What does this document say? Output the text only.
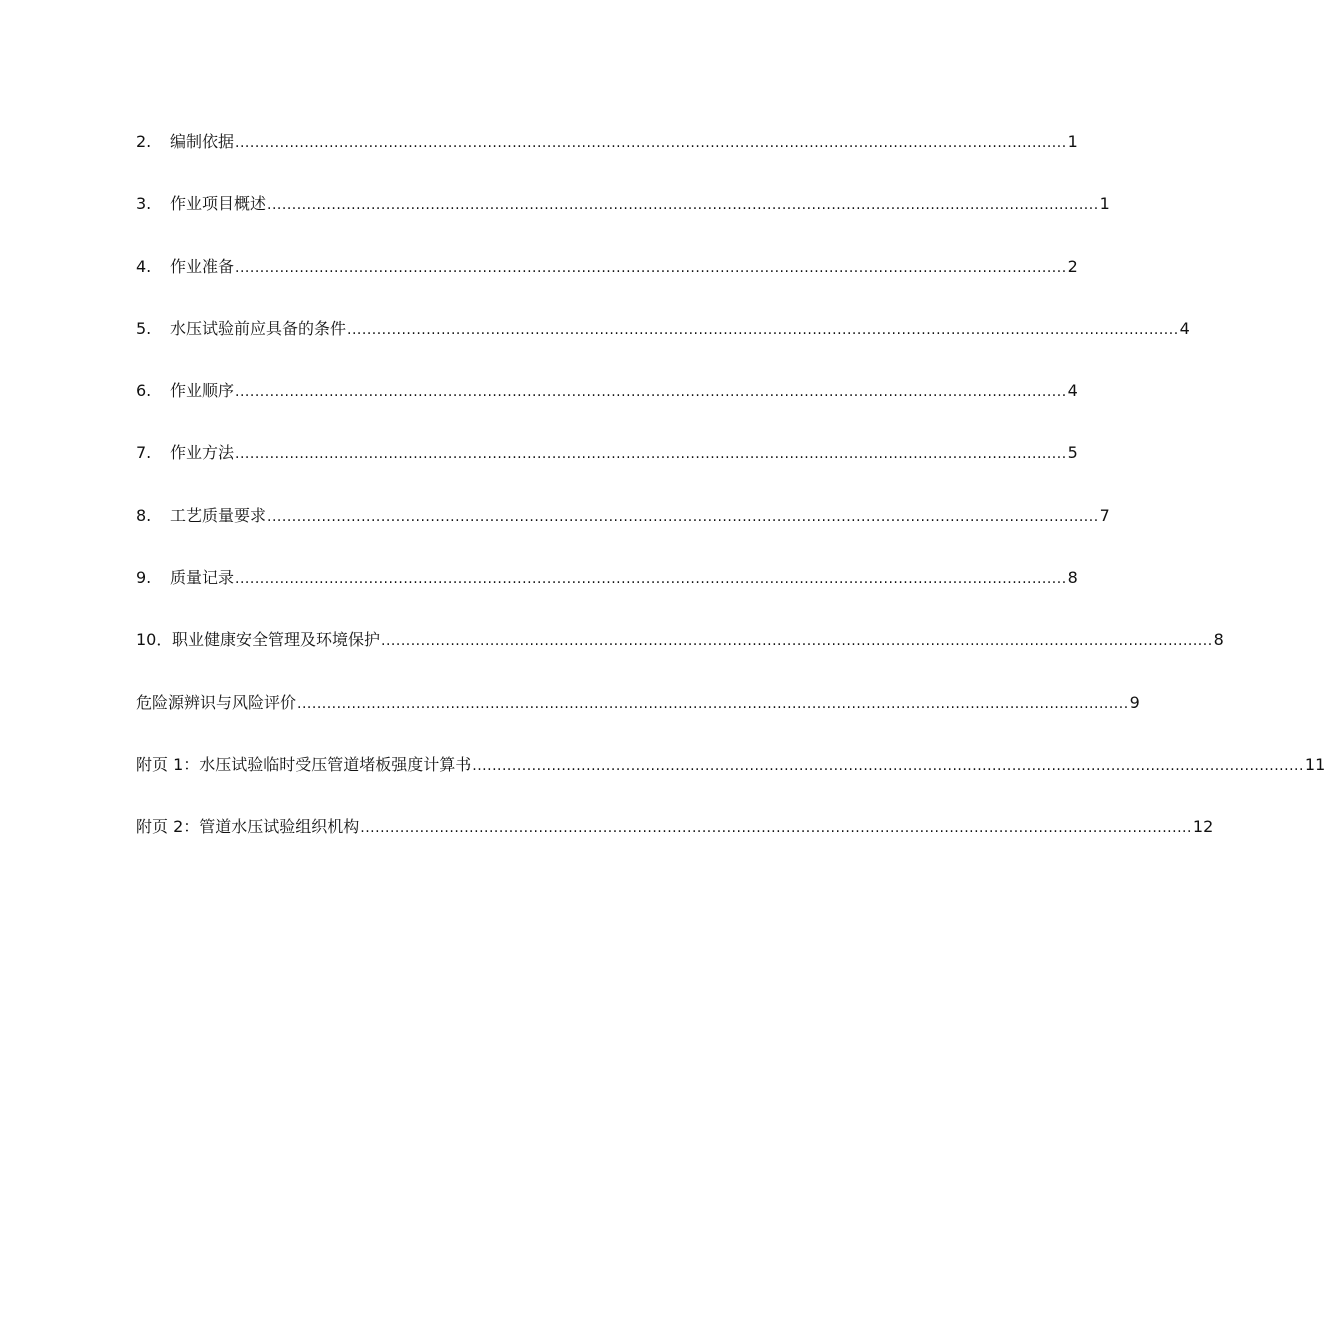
2.	编制依据 ........................................................................................................................................................................ 1
3.	作业项目概述 ........................................................................................................................................................................ 1
4.	作业准备 ........................................................................................................................................................................ 2
5.	水压试验前应具备的条件 ........................................................................................................................................................................ 4
6.	作业顺序 ........................................................................................................................................................................ 4
7.	作业方法 ........................................................................................................................................................................ 5
8.	工艺质量要求 ........................................................................................................................................................................ 7
9.	质量记录 ........................................................................................................................................................................ 8
10． 职业健康安全管理及环境保护 ........................................................................................................................................................................ 8
危险源辨识与风险评价 ........................................................................................................................................................................ 9
附页 1：水压试验临时受压管道堵板强度计算书 ........................................................................................................................................................................ 11
附页 2：管道水压试验组织机构 ........................................................................................................................................................................ 12
